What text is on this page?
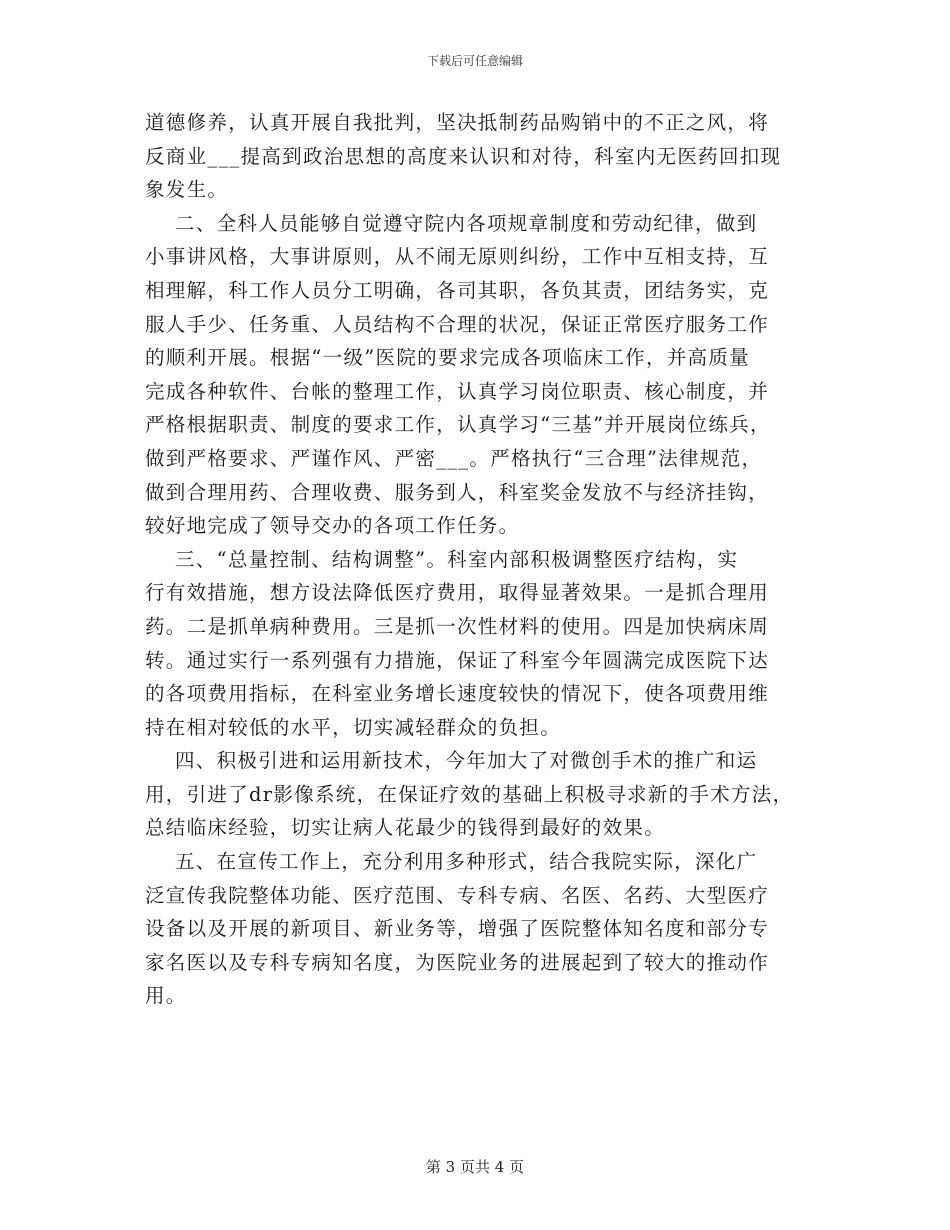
下载后可任意编辑

道德修养，认真开展自我批判，坚决抵制药品购销中的不正之风，将
反商业___提高到政治思想的高度来认识和对待，科室内无医药回扣现
象发生。

二、全科人员能够自觉遵守院内各项规章制度和劳动纪律，做到
小事讲风格，大事讲原则，从不闹无原则纠纷，工作中互相支持，互
相理解，科工作人员分工明确，各司其职，各负其责，团结务实，克
服人手少、任务重、人员结构不合理的状况，保证正常医疗服务工作
的顺利开展。根据“一级”医院的要求完成各项临床工作，并高质量
完成各种软件、台帐的整理工作，认真学习岗位职责、核心制度，并
严格根据职责、制度的要求工作，认真学习“三基”并开展岗位练兵，
做到严格要求、严谨作风、严密___。严格执行“三合理”法律规范，
做到合理用药、合理收费、服务到人，科室奖金发放不与经济挂钩，
较好地完成了领导交办的各项工作任务。

三、“总量控制、结构调整”。科室内部积极调整医疗结构，实
行有效措施，想方设法降低医疗费用，取得显著效果。一是抓合理用
药。二是抓单病种费用。三是抓一次性材料的使用。四是加快病床周
转。通过实行一系列强有力措施，保证了科室今年圆满完成医院下达
的各项费用指标，在科室业务增长速度较快的情况下，使各项费用维
持在相对较低的水平，切实减轻群众的负担。

四、积极引进和运用新技术，今年加大了对微创手术的推广和运
用，引进了dr影像系统，在保证疗效的基础上积极寻求新的手术方法，
总结临床经验，切实让病人花最少的钱得到最好的效果。

五、在宣传工作上，充分利用多种形式，结合我院实际，深化广
泛宣传我院整体功能、医疗范围、专科专病、名医、名药、大型医疗
设备以及开展的新项目、新业务等，增强了医院整体知名度和部分专
家名医以及专科专病知名度，为医院业务的进展起到了较大的推动作
用。

第 3 页共 4 页
